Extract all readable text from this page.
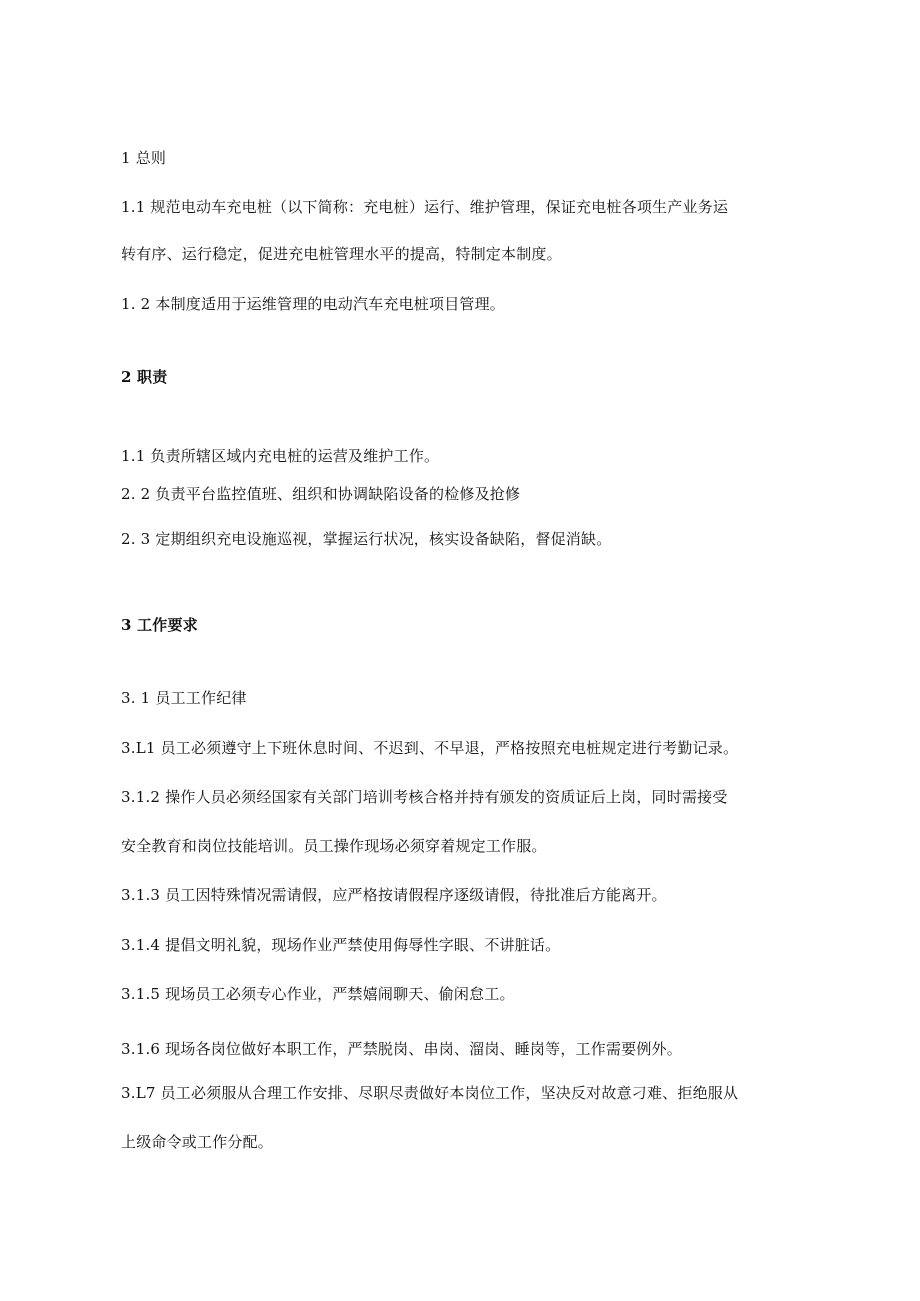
1 总则
1.1 规范电动车充电桩（以下简称：充电桩）运行、维护管理，保证充电桩各项生产业务运
转有序、运行稳定，促进充电桩管理水平的提高，特制定本制度。
1. 2 本制度适用于运维管理的电动汽车充电桩项目管理。
2 职责
1.1 负责所辖区域内充电桩的运营及维护工作。
2. 2 负责平台监控值班、组织和协调缺陷设备的检修及抢修
2. 3 定期组织充电设施巡视，掌握运行状况，核实设备缺陷，督促消缺。
3 工作要求
3. 1 员工工作纪律
3.L1 员工必须遵守上下班休息时间、不迟到、不早退，严格按照充电桩规定进行考勤记录。
3.1.2 操作人员必须经国家有关部门培训考核合格并持有颁发的资质证后上岗，同时需接受
安全教育和岗位技能培训。员工操作现场必须穿着规定工作服。
3.1.3 员工因特殊情况需请假，应严格按请假程序逐级请假，待批准后方能离开。
3.1.4 提倡文明礼貌，现场作业严禁使用侮辱性字眼、不讲脏话。
3.1.5 现场员工必须专心作业，严禁嬉闹聊天、偷闲怠工。
3.1.6 现场各岗位做好本职工作，严禁脱岗、串岗、溜岗、睡岗等，工作需要例外。
3.L7 员工必须服从合理工作安排、尽职尽责做好本岗位工作，坚决反对故意刁难、拒绝服从
上级命令或工作分配。
